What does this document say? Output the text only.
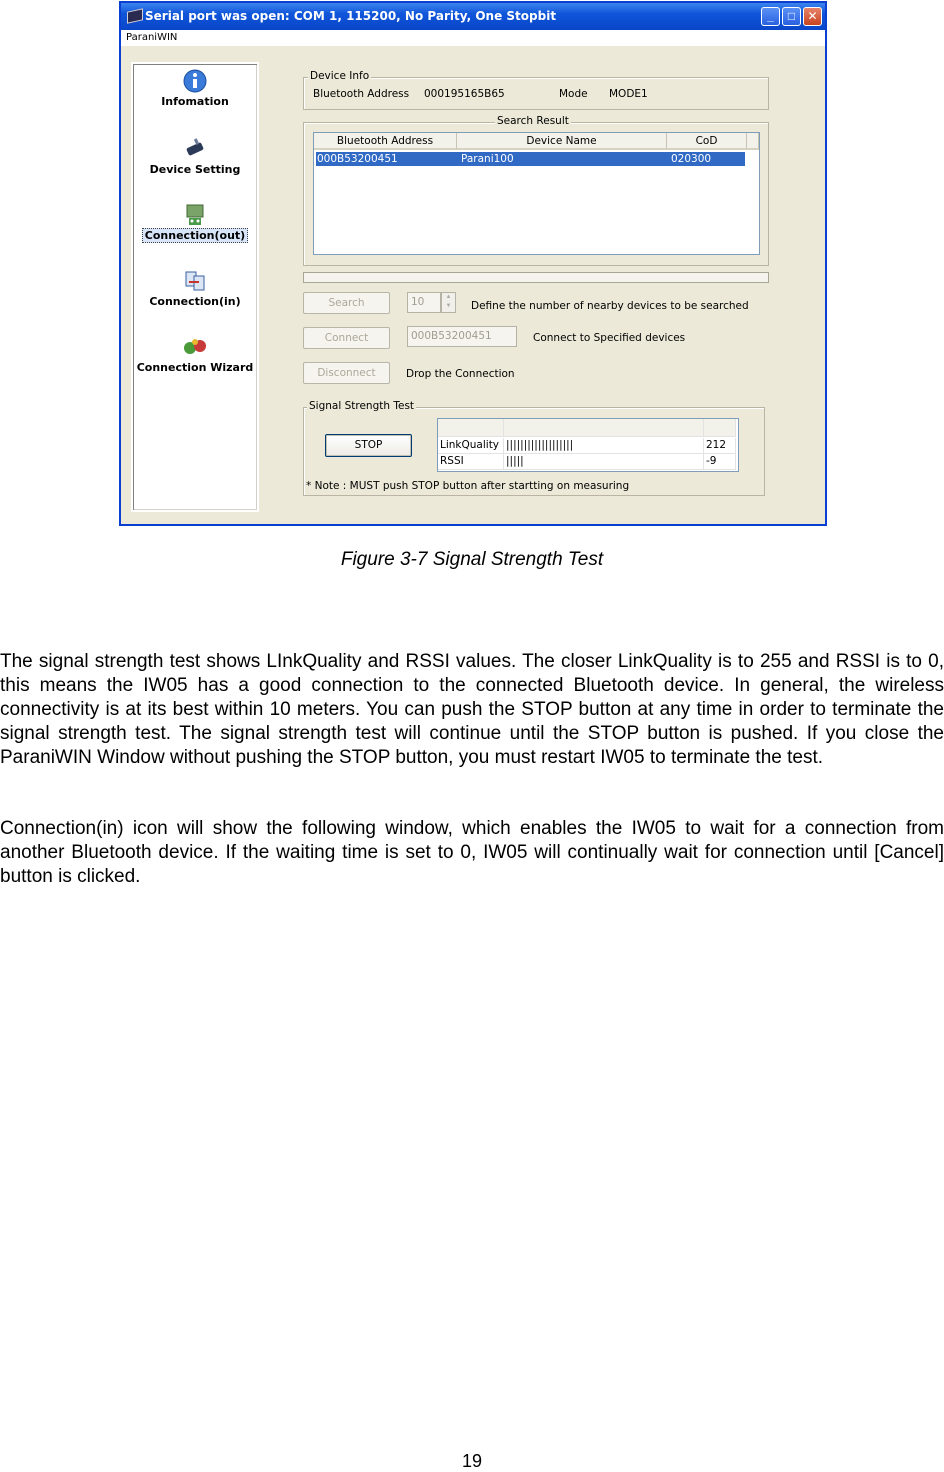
Serial port was open: COM 1, 115200, No Parity, One Stopbit	_	□	✕
ParaniWIN
Infomation
Device Setting
Connection(out)
Connection(in)
Connection Wizard
Device Info
Bluetooth Address 000195165B65	Mode MODE1
Search Result
Bluetooth Address	Device Name	CoD
000B53200451	Parani100	020300
Search	10	▲
▼	Define the number of nearby devices to be searched
Connect	000B53200451	Connect to Specified devices
Disconnect	Drop the Connection
Signal Strength Test
STOP	LinkQuality |||||||||||||||||||	212
RSSI	|||||	-9
* Note : MUST push STOP button after startting on measuring
Figure 3-7 Signal Strength Test
The signal strength test shows LInkQuality and RSSI values. The closer LinkQuality is to 255 and RSSI is to 0, this means the IW05 has a good connection to the connected Bluetooth device. In general, the wireless connectivity is at its best within 10 meters. You can push the STOP button at any time in order to terminate the signal strength test. The signal strength test will continue until the STOP button is pushed. If you close the ParaniWIN Window without pushing the STOP button, you must restart IW05 to terminate the test.
Connection(in) icon will show the following window, which enables the IW05 to wait for a connection from another Bluetooth device. If the waiting time is set to 0, IW05 will continually wait for connection until [Cancel] button is clicked.
19
